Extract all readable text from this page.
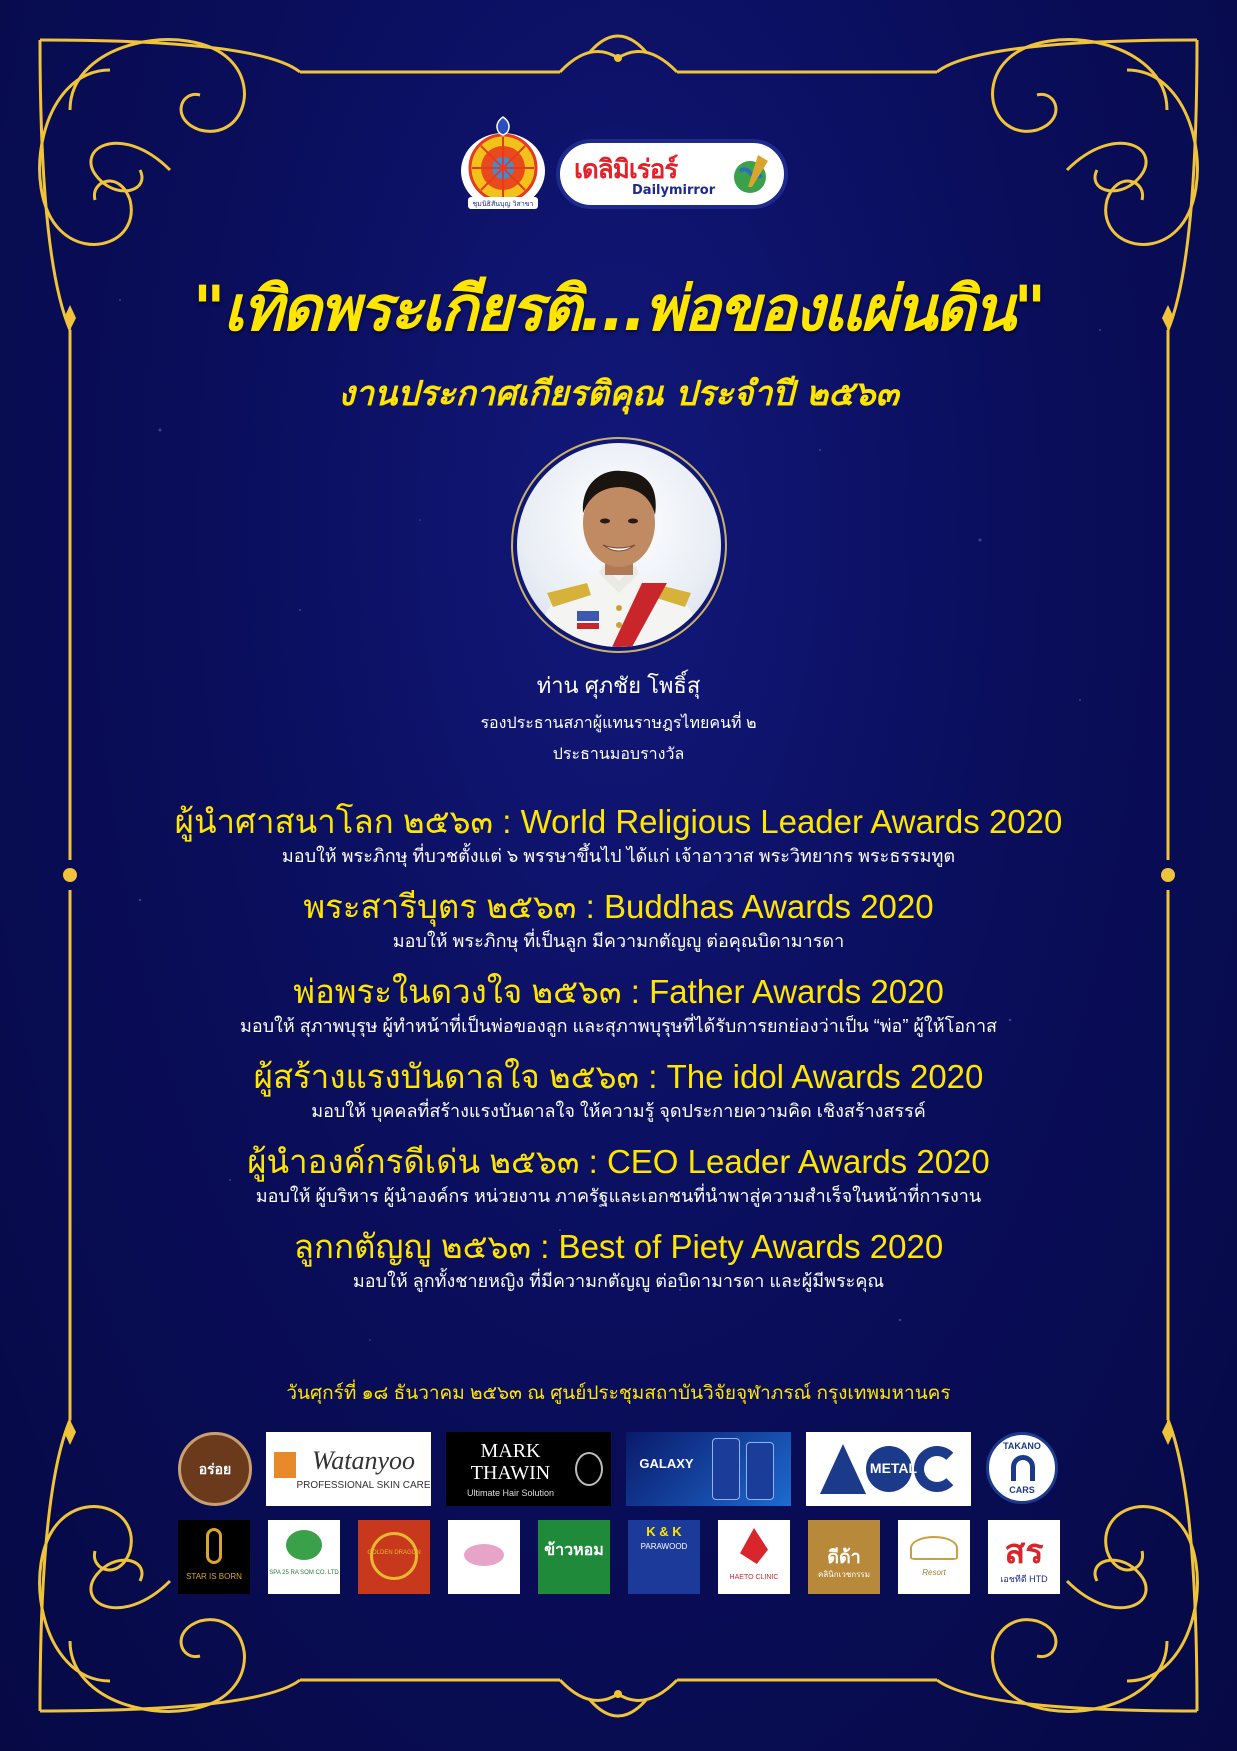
ชุมนิธิสันบุญ วิสาขา
เดลิมิเร่อร์
Dailymirror
"เทิดพระเกียรติ...พ่อของแผ่นดิน"
งานประกาศเกียรติคุณ ประจำปี ๒๕๖๓
ท่าน ศุภชัย โพธิ์สุ
รองประธานสภาผู้แทนราษฎรไทยคนที่ ๒
ประธานมอบรางวัล
ผู้นำศาสนาโลก ๒๕๖๓ : World Religious Leader Awards 2020
มอบให้ พระภิกษุ ที่บวชตั้งแต่ ๖ พรรษาขึ้นไป ได้แก่ เจ้าอาวาส พระวิทยากร พระธรรมทูต
พระสารีบุตร ๒๕๖๓ : Buddhas Awards 2020
มอบให้ พระภิกษุ ที่เป็นลูก มีความกตัญญู ต่อคุณบิดามารดา
พ่อพระในดวงใจ ๒๕๖๓ : Father Awards 2020
มอบให้ สุภาพบุรุษ ผู้ทำหน้าที่เป็นพ่อของลูก และสุภาพบุรุษที่ได้รับการยกย่องว่าเป็น “พ่อ” ผู้ให้โอกาส
ผู้สร้างแรงบันดาลใจ ๒๕๖๓ : The idol Awards 2020
มอบให้ บุคคลที่สร้างแรงบันดาลใจ ให้ความรู้ จุดประกายความคิด เชิงสร้างสรรค์
ผู้นำองค์กรดีเด่น ๒๕๖๓ : CEO Leader Awards 2020
มอบให้ ผู้บริหาร ผู้นำองค์กร หน่วยงาน ภาครัฐและเอกชนที่นำพาสู่ความสำเร็จในหน้าที่การงาน
ลูกกตัญญู ๒๕๖๓ : Best of Piety Awards 2020
มอบให้ ลูกทั้งชายหญิง ที่มีความกตัญญู ต่อบิดามารดา และผู้มีพระคุณ
วันศุกร์ที่ ๑๘ ธันวาคม ๒๕๖๓ ณ ศูนย์ประชุมสถาบันวิจัยจุฬาภรณ์ กรุงเทพมหานคร
อร่อย	Watanyoo
PROFESSIONAL SKIN CARE
MARK THAWIN
Ultimate Hair Solution
GALAXY	METAL
TAKANO
CARS
STAR IS BORN	SPA 25 RA SOM CO. LTD
GOLDEN DRAGON	ข้าวหอม
K & K
PARAWOOD
HAETO CLINIC
ดีด้า
คลินิกเวชกรรม	Resort
สร
เอชทีดี HTD
